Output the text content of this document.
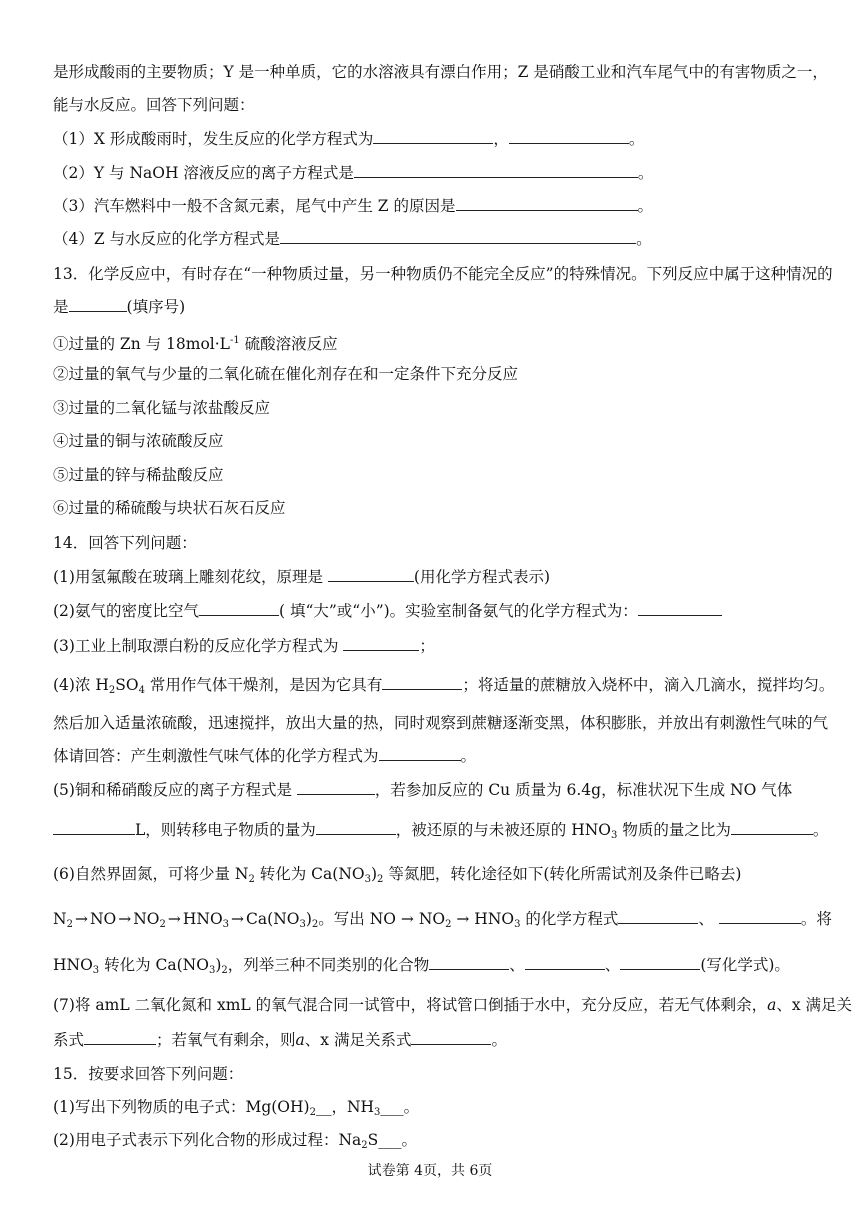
是形成酸雨的主要物质；Y 是一种单质，它的水溶液具有漂白作用；Z 是硝酸工业和汽车尾气中的有害物质之一，
能与水反应。回答下列问题：
（1）X 形成酸雨时，发生反应的化学方程式为	，	。
（2）Y 与 NaOH 溶液反应的离子方程式是	。
（3）汽车燃料中一般不含氮元素，尾气中产生 Z 的原因是	。
（4）Z 与水反应的化学方程式是	。
13．化学反应中，有时存在“一种物质过量，另一种物质仍不能完全反应”的特殊情况。下列反应中属于这种情况的
是	(填序号)
①过量的 Zn 与 $18mol\cdot L^{-1}$ 硫酸溶液反应
②过量的氧气与少量的二氧化硫在催化剂存在和一定条件下充分反应
③过量的二氧化锰与浓盐酸反应
④过量的铜与浓硫酸反应
⑤过量的锌与稀盐酸反应
⑥过量的稀硫酸与块状石灰石反应
14．回答下列问题：
(1)用氢氟酸在玻璃上雕刻花纹，原理是	(用化学方程式表示)
(2)氨气的密度比空气	( 填“大”或“小”)。实验室制备氨气的化学方程式为：
(3)工业上制取漂白粉的反应化学方程式为	；
(4)浓 $H_2SO_4$ 常用作气体干燥剂，是因为它具有	；将适量的蔗糖放入烧杯中，滴入几滴水，搅拌均匀。
然后加入适量浓硫酸，迅速搅拌，放出大量的热，同时观察到蔗糖逐渐变黑，体积膨胀，并放出有刺激性气味的气
体请回答：产生刺激性气味气体的化学方程式为	。
(5)铜和稀硝酸反应的离子方程式是	，若参加反应的 Cu 质量为 6.4g，标准状况下生成 NO 气体
L，则转移电子物质的量为	，被还原的与未被还原的 $HNO_3$ 物质的量之比为	。
(6)自然界固氮，可将少量 $N_2$ 转化为 $Ca(NO_3)_2$ 等氮肥，转化途径如下(转化所需试剂及条件已略去)
$N_2$ → NO → $NO_2 \to HNO_3 \to Ca(NO_3)_2$。写出 NO → $NO_2 \to HNO_3$ 的化学方程式	、	。将
$HNO_3$ 转化为 $Ca(NO_3)_2$，列举三种不同类别的化合物	、	、	(写化学式)。
(7)将 amL 二氧化氮和 xmL 的氧气混合同一试管中，将试管口倒插于水中，充分反应，若无气体剩余，a、x 满足关
系式	；若氧气有剩余，则a、x 满足关系式	。
15．按要求回答下列问题：
(1)写出下列物质的电子式：$Mg(OH)_2\_\_$，$NH_3\_\_\_$。
(2)用电子式表示下列化合物的形成过程：$Na_2S\_\_\_$。
试卷第 4页，共 6页
